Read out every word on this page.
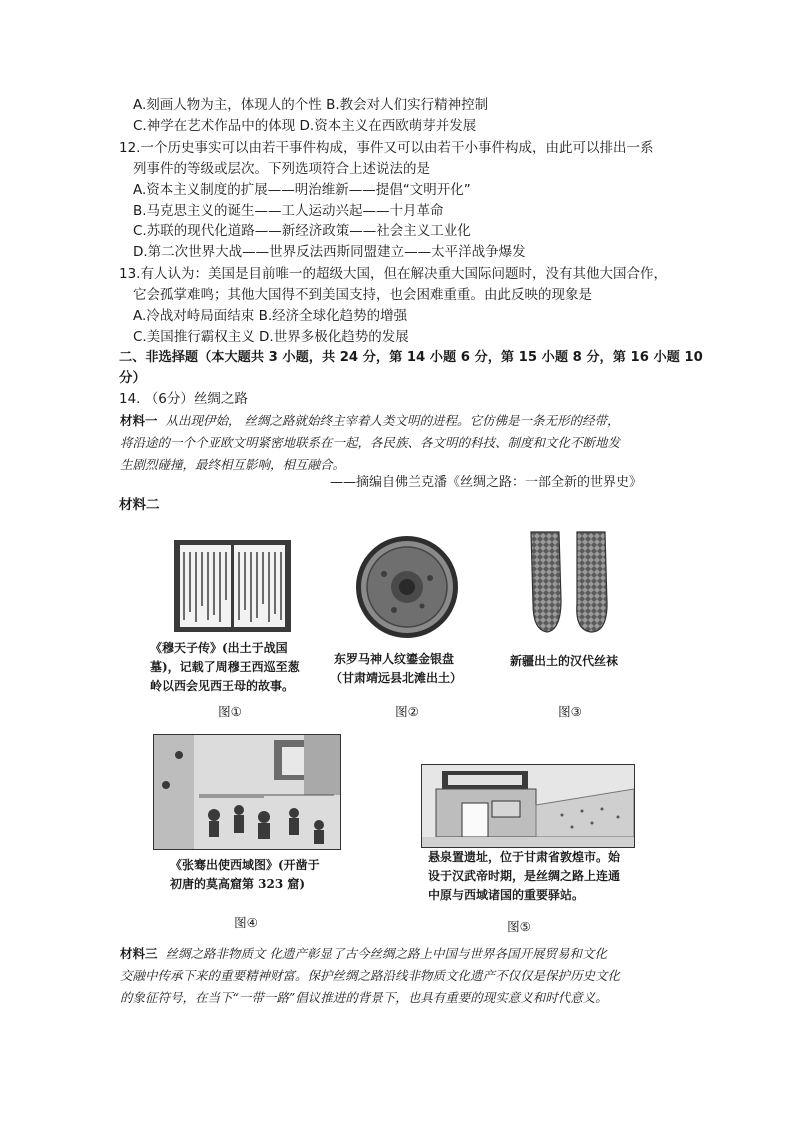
A.刻画人物为主，体现人的个性 B.教会对人们实行精神控制
C.神学在艺术作品中的体现 D.资本主义在西欧萌芽并发展
12.一个历史事实可以由若干事件构成，事件又可以由若干小事件构成，由此可以排出一系
列事件的等级或层次。下列选项符合上述说法的是
A.资本主义制度的扩展——明治维新——提倡“文明开化”
B.马克思主义的诞生——工人运动兴起——十月革命
C.苏联的现代化道路——新经济政策——社会主义工业化
D.第二次世界大战——世界反法西斯同盟建立——太平洋战争爆发
13.有人认为：美国是目前唯一的超级大国，但在解决重大国际问题时，没有其他大国合作，
它会孤掌难鸣；其他大国得不到美国支持，也会困难重重。由此反映的现象是
A.冷战对峙局面结束 B.经济全球化趋势的增强
C.美国推行霸权主义 D.世界多极化趋势的发展
二、非选择题（本大题共 3 小题，共 24 分，第 14 小题 6 分，第 15 小题 8 分，第 16 小题 10
分）
14. （6分）丝绸之路
材料一 从出现伊始， 丝绸之路就始终主宰着人类文明的进程。它仿佛是一条无形的经带，
将沿途的一个个亚欧文明紧密地联系在一起，各民族、各文明的科技、制度和文化不断地发
生剧烈碰撞，最终相互影响，相互融合。
——摘编自佛兰克潘《丝绸之路：一部全新的世界史》
材料二
《穆天子传》(出土于战国
墓)，记载了周穆王西巡至葱
岭以西会见西王母的故事。
图①
东罗马神人纹鎏金银盘
（甘肃靖远县北滩出土）
图②
新疆出土的汉代丝袜
图③
《张骞出使西域图》(开凿于
初唐的莫高窟第 323 窟)
图④
悬泉置遗址，位于甘肃省敦煌市。始
设于汉武帝时期，是丝绸之路上连通
中原与西域诸国的重要驿站。
图⑤
材料三 丝绸之路非物质文 化遗产彰显了古今丝绸之路上中国与世界各国开展贸易和文化
交融中传承下来的重要精神财富。保护丝绸之路沿线非物质文化遗产不仅仅是保护历史文化
的象征符号，在当下“一带一路”倡议推进的背景下，也具有重要的现实意义和时代意义。
